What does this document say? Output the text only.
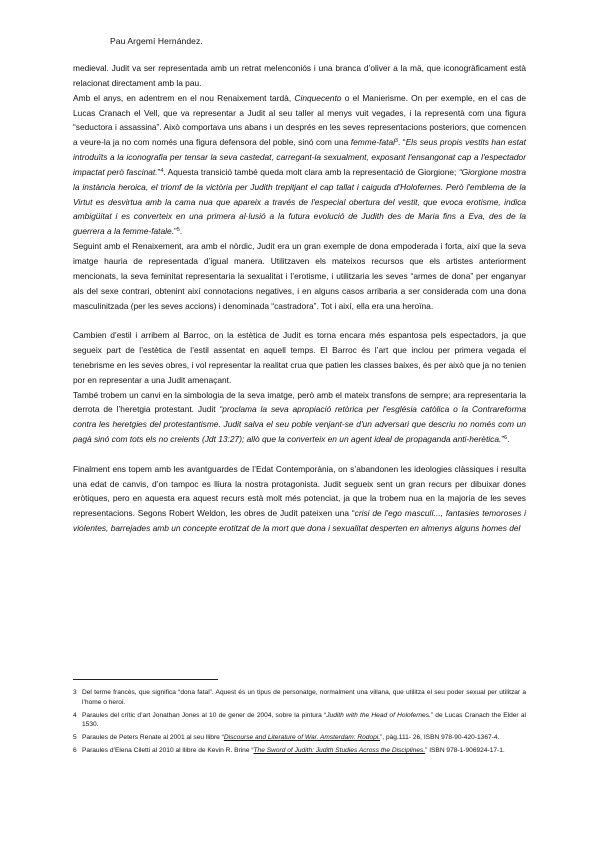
Pau Argemí Hernández.

medieval. Judit va ser representada amb un retrat melenconiós i una branca d’oliver a la mà, que iconogràficament està relacionat directament amb la pau.

Amb el anys, en adentrem en el nou Renaixement tardà, Cinquecento o el Manierisme. On per exemple, en el cas de Lucas Cranach el Vell, que va representar a Judit al seu taller al menys vuit vegades, i la representà com una figura “seductora i assassina”. Això comportava uns abans i un després en les seves representacions posteriors, que comencen a veure-la ja no com només una figura defensora del poble, sinó com una femme-fatal$^3$. “Els seus propis vestits han estat introduïts a la iconografia per tensar la seva castedat, carregant-la sexualment, exposant l'ensangonat cap a l'espectador impactat però fascinat.”$^4$. Aquesta transició també queda molt clara amb la representació de Giorgione; “Giorgione mostra la instància heroica, el triomf de la victòria per Judith trepitjant el cap tallat i caiguda d'Holofernes. Però l'emblema de la Virtut es desvirtua amb la cama nua que apareix a través de l'especial obertura del vestit, que evoca erotisme, indica ambigüitat i es converteix en una primera al·lusió a la futura evolució de Judith des de Maria fins a Eva, des de la guerrera a la femme-fatale.”$^5$.

Seguint amb el Renaixement, ara amb el nòrdic, Judit era un gran exemple de dona empoderada i forta, així que la seva imatge hauria de representada d’igual manera. Utilitzaven els mateixos recursos que els artistes anteriorment mencionats, la seva feminitat representaria la sexualitat i l’erotisme, i utilitzaria les seves “armes de dona” per enganyar als del sexe contrari, obtenint així connotacions negatives, i en alguns casos arribaria a ser considerada com una dona masculinitzada (per les seves accions) i denominada “castradora”. Tot i així, ella era una heroïna.

Cambien d’estil i arribem al Barroc, on la estètica de Judit es torna encara més espantosa pels espectadors, ja que segueix part de l’estètica de l’estil assentat en aquell temps. El Barroc és l’art que inclou per primera vegada el tenebrisme en les seves obres, i vol representar la realitat crua que patien les classes baixes, és per això que ja no tenien por en representar a una Judit amenaçant.

També trobem un canvi en la simbologia de la seva imatge, però amb el mateix transfons de sempre; ara representaria la derrota de l’heretgia protestant. Judit “proclama la seva apropiació retòrica per l'església catòlica o la Contrareforma contra les heretgies del protestantisme. Judit salva el seu poble venjant-se d'un adversari que descriu no només com un pagà sinó com tots els no creients (Jdt 13:27); allò que la converteix en un agent ideal de propaganda anti-herètica.”$^6$.

Finalment ens topem amb les avantguardes de l’Edat Contemporània, on s’abandonen les ideologies clàssiques i resulta una edat de canvis, d’on tampoc es lliura la nostra protagonista. Judit segueix sent un gran recurs per dibuixar dones eròtiques, pero en aquesta era aquest recurs està molt més potenciat, ja que la trobem nua en la majoria de les seves representacions. Segons Robert Weldon, les obres de Judit pateixen una “crisi de l'ego masculí..., fantasies temoroses i violentes, barrejades amb un concepte erotitzat de la mort que dona i sexualitat desperten en almenys alguns homes del

3 Del terme francès, que significa “dona fatal”. Aquest és un tipus de personatge, normalment una villana, que utilitza el seu poder sexual per utilitzar a l’home o heroi.
4 Paraules del crític d’art Jonathan Jones al 10 de gener de 2004, sobre la pintura “Judith with the Head of Holofernes.” de Lucas Cranach the Elder al 1530.
5 Paraules de Peters Renate al 2001 al seu llibre “Discourse and Literature of War. Amsterdam: Rodopi.”, pàg.111- 26, ISBN 978-90-420-1367-4.
6 Paraules d’Elena Ciletti al 2010 al llibre de Kevin R. Brine “The Sword of Judith: Judith Studies Across the Disciplines.” ISBN 978-1-906924-17-1.
